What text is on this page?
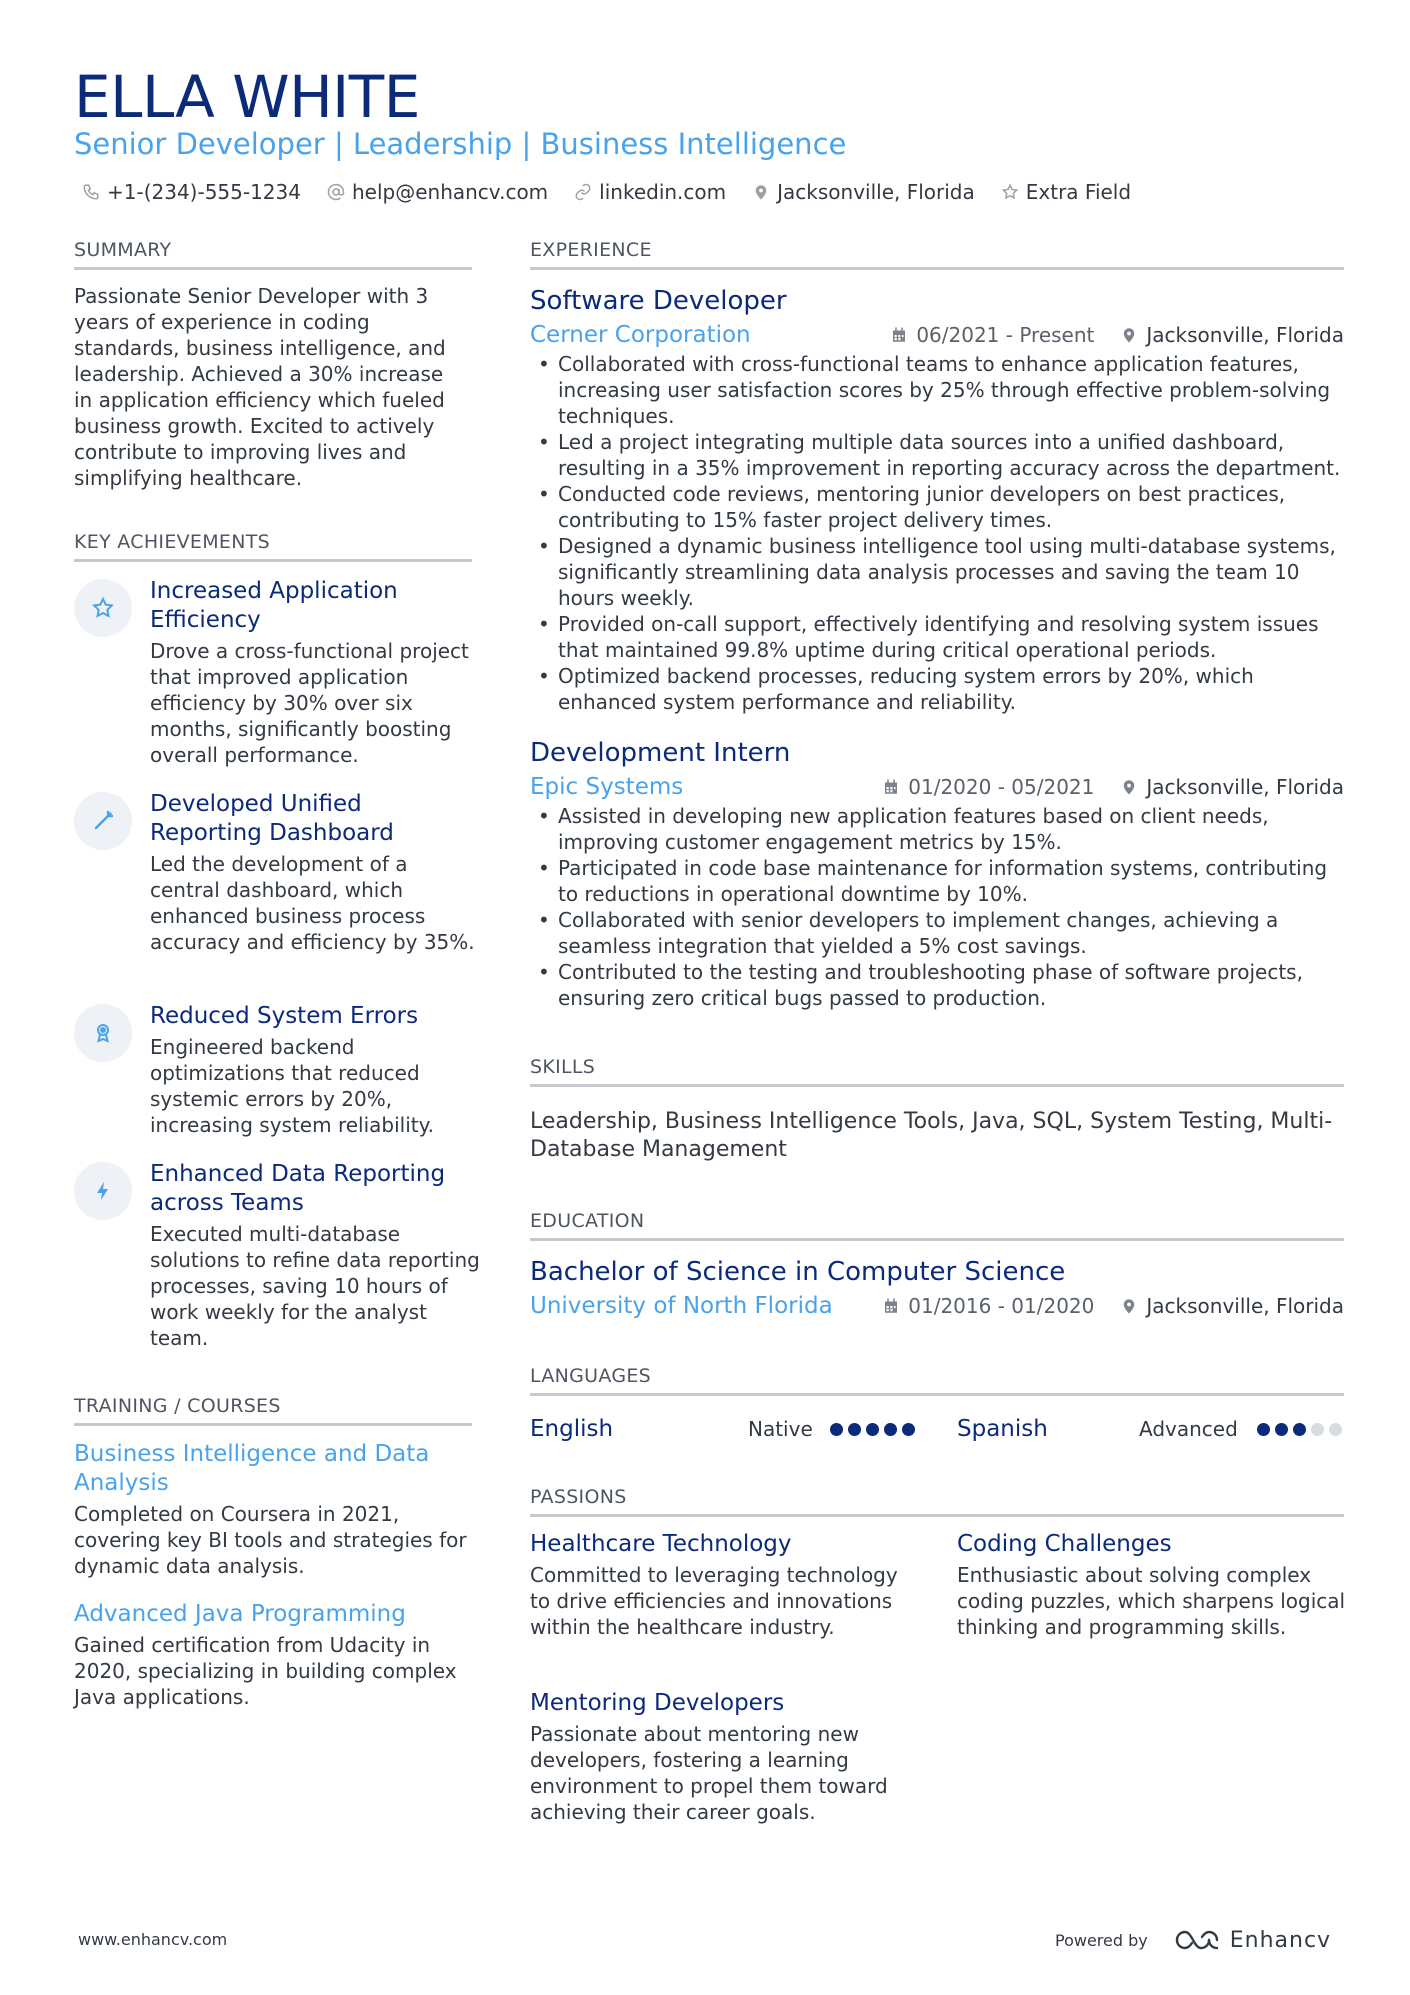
ELLA WHITE
Senior Developer | Leadership | Business Intelligence
+1-(234)-555-1234	help@enhancv.com	linkedin.com	Jacksonville, Florida	Extra Field
SUMMARY
Passionate Senior Developer with 3 years of experience in coding standards, business intelligence, and leadership. Achieved a 30% increase in application efficiency which fueled business growth. Excited to actively contribute to improving lives and simplifying healthcare.
KEY ACHIEVEMENTS
Increased Application Efficiency
Drove a cross-functional project that improved application efficiency by 30% over six months, significantly boosting overall performance.
Developed Unified Reporting Dashboard
Led the development of a central dashboard, which enhanced business process accuracy and efficiency by 35%.
Reduced System Errors
Engineered backend optimizations that reduced systemic errors by 20%, increasing system reliability.
Enhanced Data Reporting across Teams
Executed multi-database solutions to refine data reporting processes, saving 10 hours of work weekly for the analyst team.
TRAINING / COURSES
Business Intelligence and Data Analysis
Completed on Coursera in 2021, covering key BI tools and strategies for dynamic data analysis.
Advanced Java Programming
Gained certification from Udacity in 2020, specializing in building complex Java applications.
EXPERIENCE
Software Developer
Cerner Corporation	06/2021 - Present	Jacksonville, Florida
• Collaborated with cross-functional teams to enhance application features, increasing user satisfaction scores by 25% through effective problem-solving techniques.
• Led a project integrating multiple data sources into a unified dashboard, resulting in a 35% improvement in reporting accuracy across the department.
• Conducted code reviews, mentoring junior developers on best practices, contributing to 15% faster project delivery times.
• Designed a dynamic business intelligence tool using multi-database systems, significantly streamlining data analysis processes and saving the team 10 hours weekly.
• Provided on-call support, effectively identifying and resolving system issues that maintained 99.8% uptime during critical operational periods.
• Optimized backend processes, reducing system errors by 20%, which enhanced system performance and reliability.
Development Intern
Epic Systems	01/2020 - 05/2021	Jacksonville, Florida
• Assisted in developing new application features based on client needs, improving customer engagement metrics by 15%.
• Participated in code base maintenance for information systems, contributing to reductions in operational downtime by 10%.
• Collaborated with senior developers to implement changes, achieving a seamless integration that yielded a 5% cost savings.
• Contributed to the testing and troubleshooting phase of software projects, ensuring zero critical bugs passed to production.
SKILLS
Leadership, Business Intelligence Tools, Java, SQL, System Testing, Multi-Database Management
EDUCATION
Bachelor of Science in Computer Science
University of North Florida	01/2016 - 01/2020	Jacksonville, Florida
LANGUAGES
English	Native	Spanish	Advanced
PASSIONS
Healthcare Technology
Committed to leveraging technology to drive efficiencies and innovations within the healthcare industry.
Coding Challenges
Enthusiastic about solving complex coding puzzles, which sharpens logical thinking and programming skills.
Mentoring Developers
Passionate about mentoring new developers, fostering a learning environment to propel them toward achieving their career goals.
www.enhancv.com	Powered by	Enhancv
